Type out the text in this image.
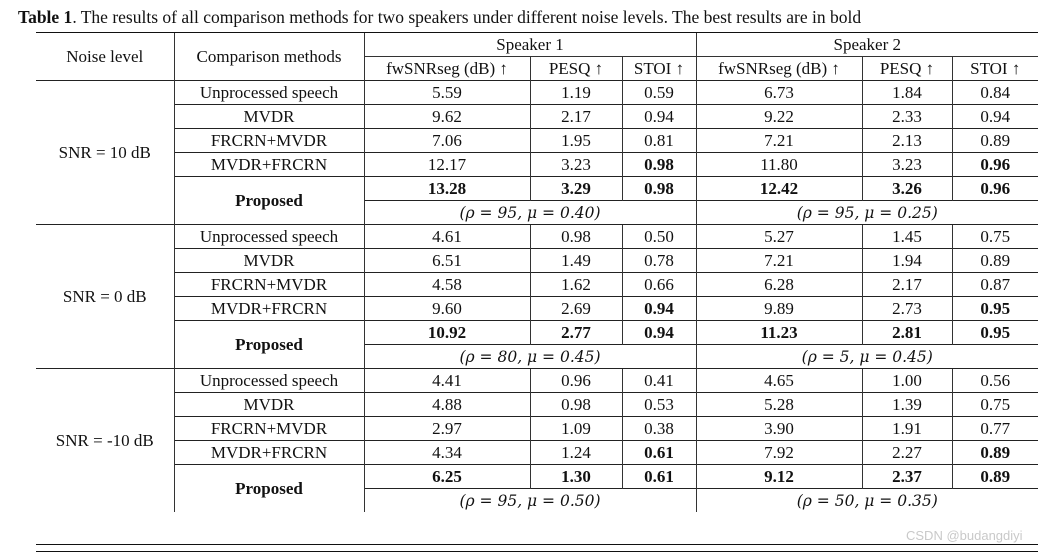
Table 1. The results of all comparison methods for two speakers under different noise levels. The best results are in bold
Noise level	Comparison methods	Speaker 1			Speaker 2		
		fwSNRseg (dB) ↑	PESQ ↑	STOI ↑	fwSNRseg (dB) ↑	PESQ ↑	STOI ↑
SNR = 10 dB	Unprocessed speech	5.59	1.19	0.59	6.73	1.84	0.84
	MVDR	9.62	2.17	0.94	9.22	2.33	0.94
	FRCRN+MVDR	7.06	1.95	0.81	7.21	2.13	0.89
	MVDR+FRCRN	12.17	3.23	0.98	11.80	3.23	0.96
	Proposed	13.28	3.29	0.98	12.42	3.26	0.96
		(ρ = 95, μ = 0.40)			(ρ = 95, μ = 0.25)		
SNR = 0 dB	Unprocessed speech	4.61	0.98	0.50	5.27	1.45	0.75
	MVDR	6.51	1.49	0.78	7.21	1.94	0.89
	FRCRN+MVDR	4.58	1.62	0.66	6.28	2.17	0.87
	MVDR+FRCRN	9.60	2.69	0.94	9.89	2.73	0.95
	Proposed	10.92	2.77	0.94	11.23	2.81	0.95
		(ρ = 80, μ = 0.45)			(ρ = 5, μ = 0.45)		
SNR = -10 dB	Unprocessed speech	4.41	0.96	0.41	4.65	1.00	0.56
	MVDR	4.88	0.98	0.53	5.28	1.39	0.75
	FRCRN+MVDR	2.97	1.09	0.38	3.90	1.91	0.77
	MVDR+FRCRN	4.34	1.24	0.61	7.92	2.27	0.89
	Proposed	6.25	1.30	0.61	9.12	2.37	0.89
		(ρ = 95, μ = 0.50)			(ρ = 50, μ = 0.35)		
CSDN @budangdiyi
